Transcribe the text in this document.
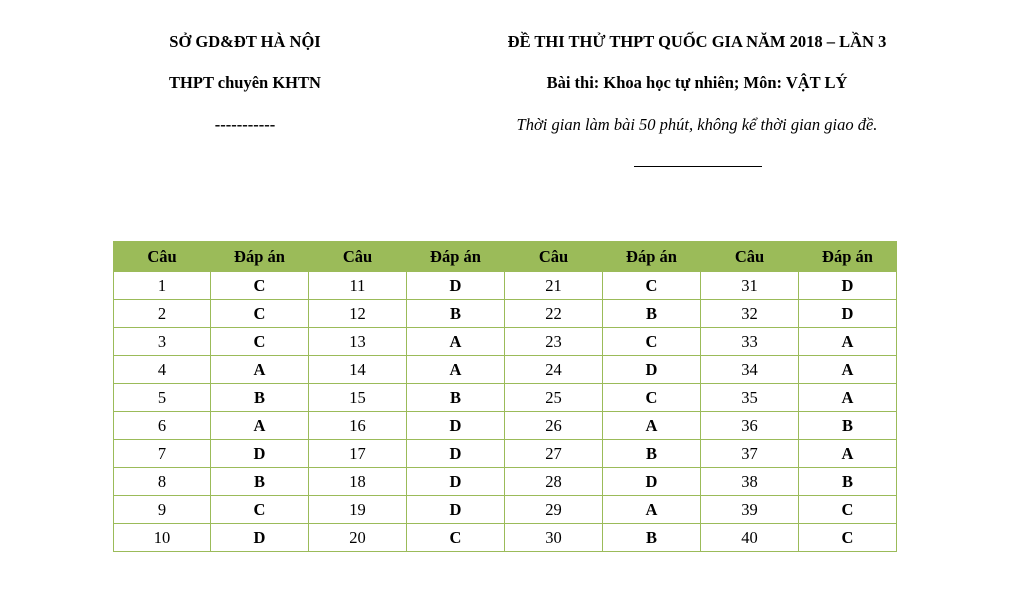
SỞ GD&ĐT HÀ NỘI
THPT chuyên KHTN
-----------
ĐỀ THI THỬ THPT QUỐC GIA NĂM 2018 – LẦN 3
Bài thi: Khoa học tự nhiên; Môn: VẬT LÝ
Thời gian làm bài 50 phút, không kể thời gian giao đề.
Câu	Đáp án	Câu	Đáp án	Câu	Đáp án	Câu	Đáp án
1	C	11	D	21	C	31	D
2	C	12	B	22	B	32	D
3	C	13	A	23	C	33	A
4	A	14	A	24	D	34	A
5	B	15	B	25	C	35	A
6	A	16	D	26	A	36	B
7	D	17	D	27	B	37	A
8	B	18	D	28	D	38	B
9	C	19	D	29	A	39	C
10	D	20	C	30	B	40	C
